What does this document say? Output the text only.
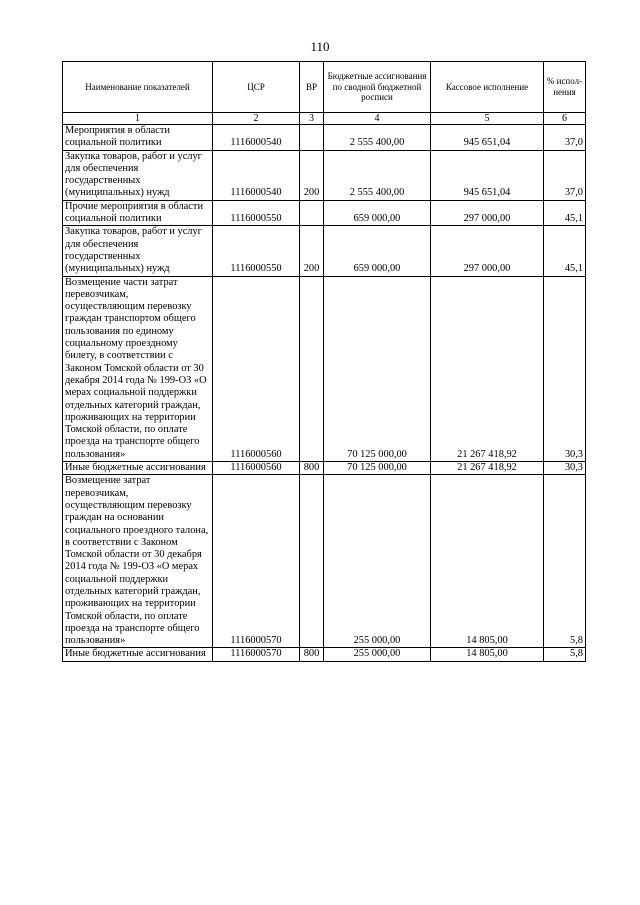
110
Наименование показателей	ЦСР	ВР	Бюджетные ассигнования по сводной бюджетной росписи	Кассовое исполнение	% испол-нения
1	2	3	4	5	6
Мероприятия в области социальной политики	1116000540		2 555 400,00	945 651,04	37,0
Закупка товаров, работ и услуг для обеспечения государственных (муниципальных) нужд	1116000540	200	2 555 400,00	945 651,04	37,0
Прочие мероприятия в области социальной политики	1116000550		659 000,00	297 000,00	45,1
Закупка товаров, работ и услуг для обеспечения государственных (муниципальных) нужд	1116000550	200	659 000,00	297 000,00	45,1
Возмещение части затрат перевозчикам, осуществляющим перевозку граждан транспортом общего пользования по единому социальному проездному билету, в соответствии с Законом Томской области от 30 декабря 2014 года № 199-ОЗ «О мерах социальной поддержки отдельных категорий граждан, проживающих на территории Томской области, по оплате проезда на транспорте общего пользования»	1116000560		70 125 000,00	21 267 418,92	30,3
Иные бюджетные ассигнования	1116000560	800	70 125 000,00	21 267 418,92	30,3
Возмещение затрат перевозчикам, осуществляющим перевозку граждан на основании социального проездного талона, в соответствии с Законом Томской области от 30 декабря 2014 года № 199-ОЗ «О мерах социальной поддержки отдельных категорий граждан, проживающих на территории Томской области, по оплате проезда на транспорте общего пользования»	1116000570		255 000,00	14 805,00	5,8
Иные бюджетные ассигнования	1116000570	800	255 000,00	14 805,00	5,8
